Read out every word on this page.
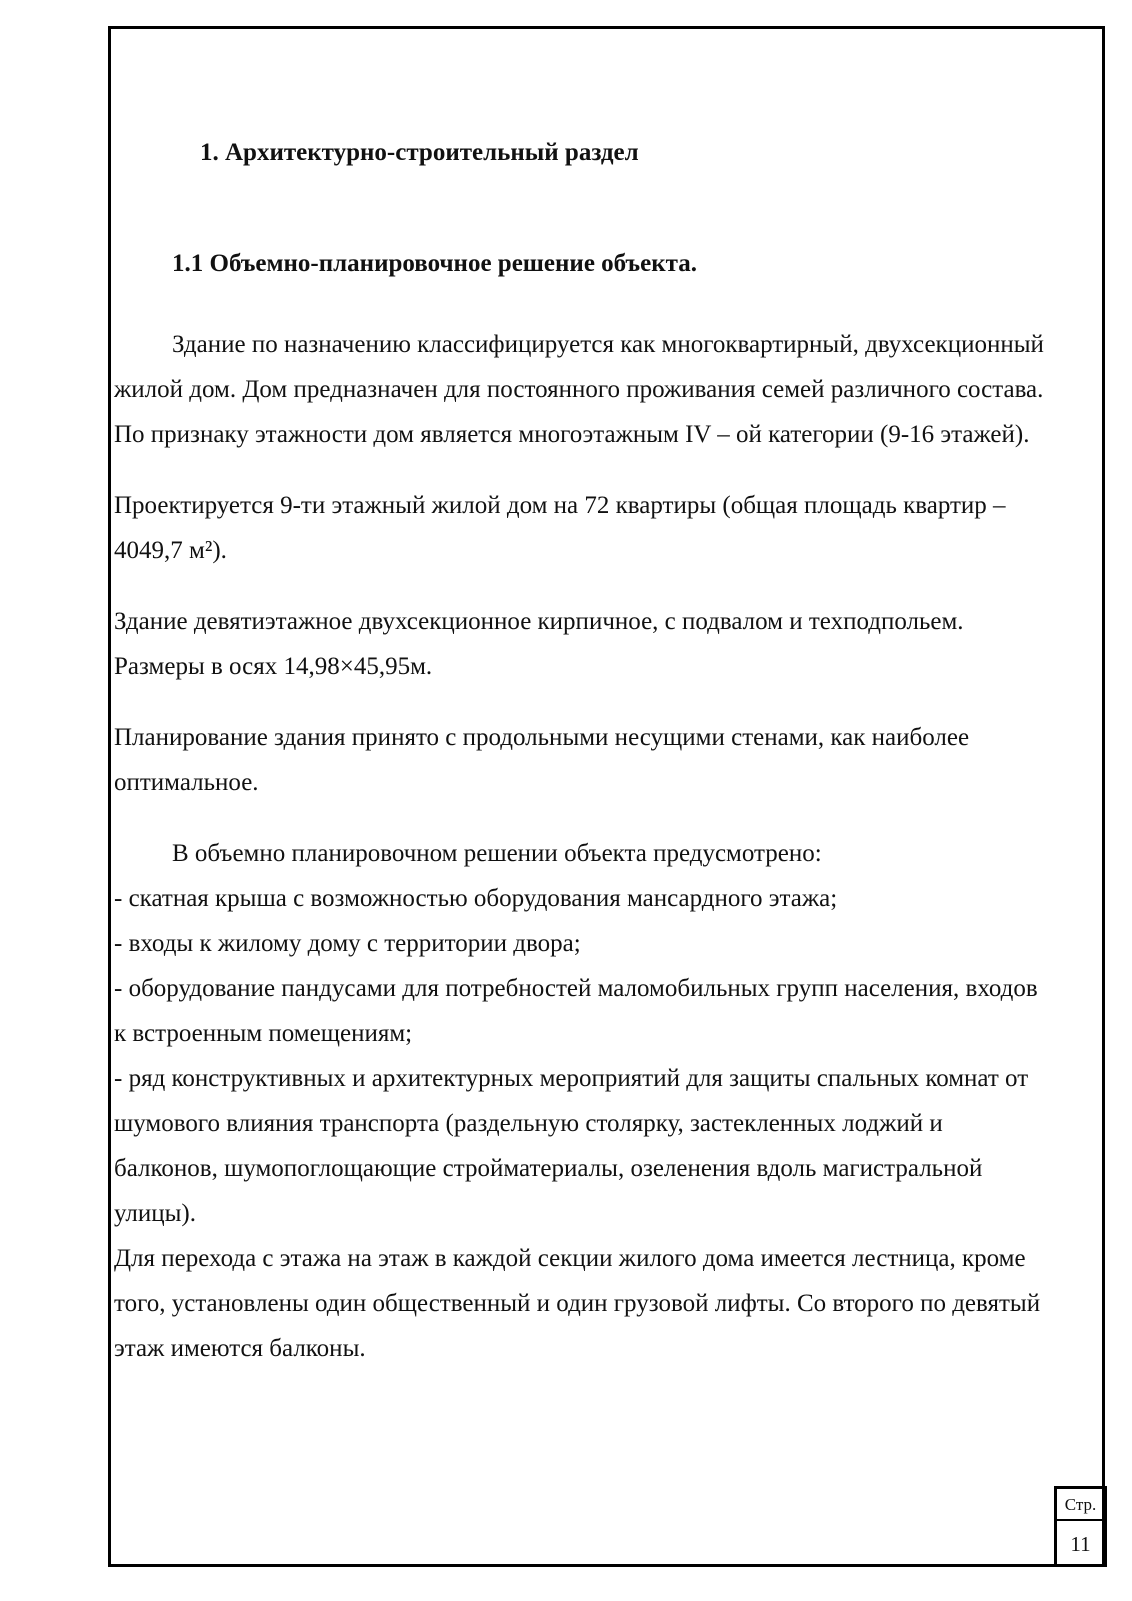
1. Архитектурно-строительный раздел
1.1 Объемно-планировочное решение объекта.

Здание по назначению классифицируется как многоквартирный, двухсекционный жилой дом. Дом предназначен для постоянного проживания семей различного состава. По признаку этажности дом является многоэтажным IV – ой категории (9-16 этажей).

Проектируется 9-ти этажный жилой дом на 72 квартиры (общая площадь квартир – 4049,7 м²).

Здание девятиэтажное двухсекционное кирпичное, с подвалом и техподпольем. Размеры в осях 14,98×45,95м.

Планирование здания принято с продольными несущими стенами, как наиболее оптимальное.

В объемно планировочном решении объекта предусмотрено:

- скатная крыша с возможностью оборудования мансардного этажа;

- входы к жилому дому с территории двора;

- оборудование пандусами для потребностей маломобильных групп населения, входов к встроенным помещениям;

- ряд конструктивных и архитектурных мероприятий для защиты спальных комнат от шумового влияния транспорта (раздельную столярку, застекленных лоджий и балконов, шумопоглощающие стройматериалы, озеленения вдоль магистральной улицы).

Для перехода с этажа на этаж в каждой секции жилого дома имеется лестница, кроме того, установлены один общественный и один грузовой лифты. Со второго по девятый этаж имеются балконы.

Стр.
11
